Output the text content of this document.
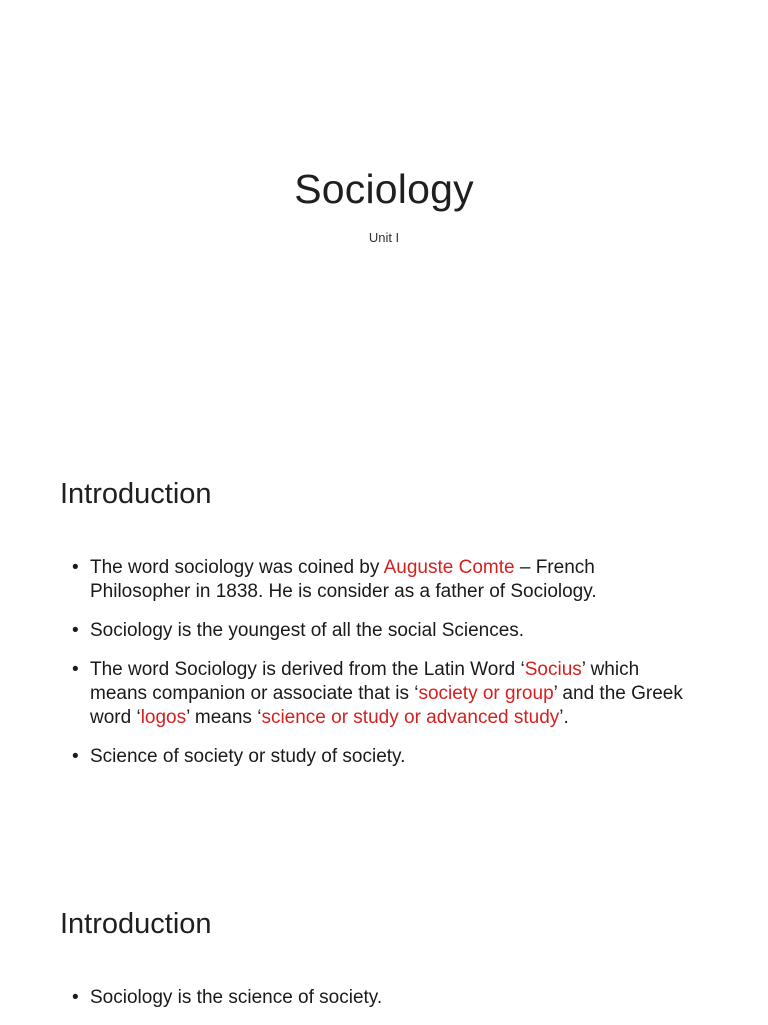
Sociology
Unit I
Introduction
• The word sociology was coined by Auguste Comte – French Philosopher in 1838. He is consider as a father of Sociology.
• Sociology is the youngest of all the social Sciences.
• The word Sociology is derived from the Latin Word ‘Socius’ which means companion or associate that is ‘society or group’ and the Greek word ‘logos’ means ‘science or study or advanced study’.
• Science of society or study of society.
Introduction
• Sociology is the science of society.
